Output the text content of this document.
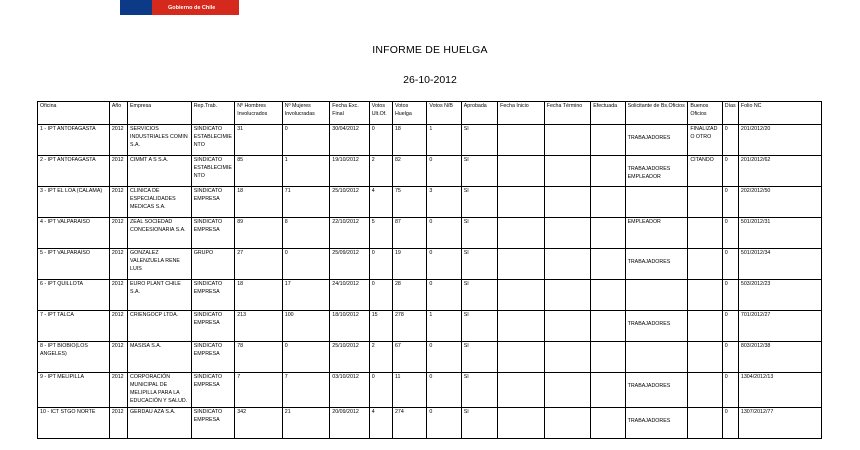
Gobierno de Chile
INFORME DE HUELGA
26-10-2012
Oficina	Año	Empresa	Rep.Trab.	Nº Hombres Involucrados	Nº Mujeres Involucradas	Fecha Exc. Final	Votos Ult.Of.	Votos Huelga	Votos N/B	Aprobada	Fecha Inicio	Fecha Término	Efectuada	Solicitante de Bs.Oficios	Buenos Oficios	Días	Folio NC
1 - IPT ANTOFAGASTA	2012	SERVICIOS INDUSTRIALES COMIN S.A.	SINDICATO ESTABLECIMIENTO	31	0	30/04/2012	0	18	1	SI				TRABAJADORES	FINALIZADO OTRO	0	201/2012/20
2 - IPT ANTOFAGASTA	2012	CIMMT A S S.A.	SINDICATO ESTABLECIMIENTO	85	1	19/10/2012	2	82	0	SI				TRABAJADORES EMPLEADOR	CITANDO	0	201/2012/62
3 - IPT EL LOA (CALAMA)	2012	CLINICA DE ESPECIALIDADES MEDICAS S.A.	SINDICATO EMPRESA	18	71	25/10/2012	4	75	3	SI						0	202/2012/50
4 - IPT VALPARAISO	2012	ZEAL SOCIEDAD CONCESIONARIA S.A.	SINDICATO EMPRESA	89	8	22/10/2012	5	87	0	SI				EMPLEADOR		0	501/2012/31
5 - IPT VALPARAISO	2012	GONZALEZ VALENZUELA RENE LUIS	GRUPO	27	0	25/09/2012	0	19	0	SI				TRABAJADORES		0	501/2012/34
6 - IPT QUILLOTA	2012	EURO PLANT CHILE S.A.	SINDICATO EMPRESA	18	17	24/10/2012	0	28	0	SI						0	503/2012/23
7 - IPT TALCA	2012	CRIENGOCP LTDA.	SINDICATO EMPRESA	213	100	18/10/2012	15	278	1	SI				TRABAJADORES		0	701/2012/27
8 - IPT BIOBIO(LOS ANGELES)	2012	MASISA S.A.	SINDICATO EMPRESA	78	0	25/10/2012	2	67	0	SI						0	803/2012/38
9 - IPT MELIPILLA	2012	CORPORACIÓN MUNICIPAL DE MELIPILLA PARA LA EDUCACIÓN Y SALUD.	SINDICATO EMPRESA	7	7	03/10/2012	0	11	0	SI				TRABAJADORES		0	1304/2012/13
10 - ICT STGO NORTE	2012	GERDAU AZA S.A.	SINDICATO EMPRESA	342	21	20/09/2012	4	274	0	SI				TRABAJADORES		0	1307/2012/77
